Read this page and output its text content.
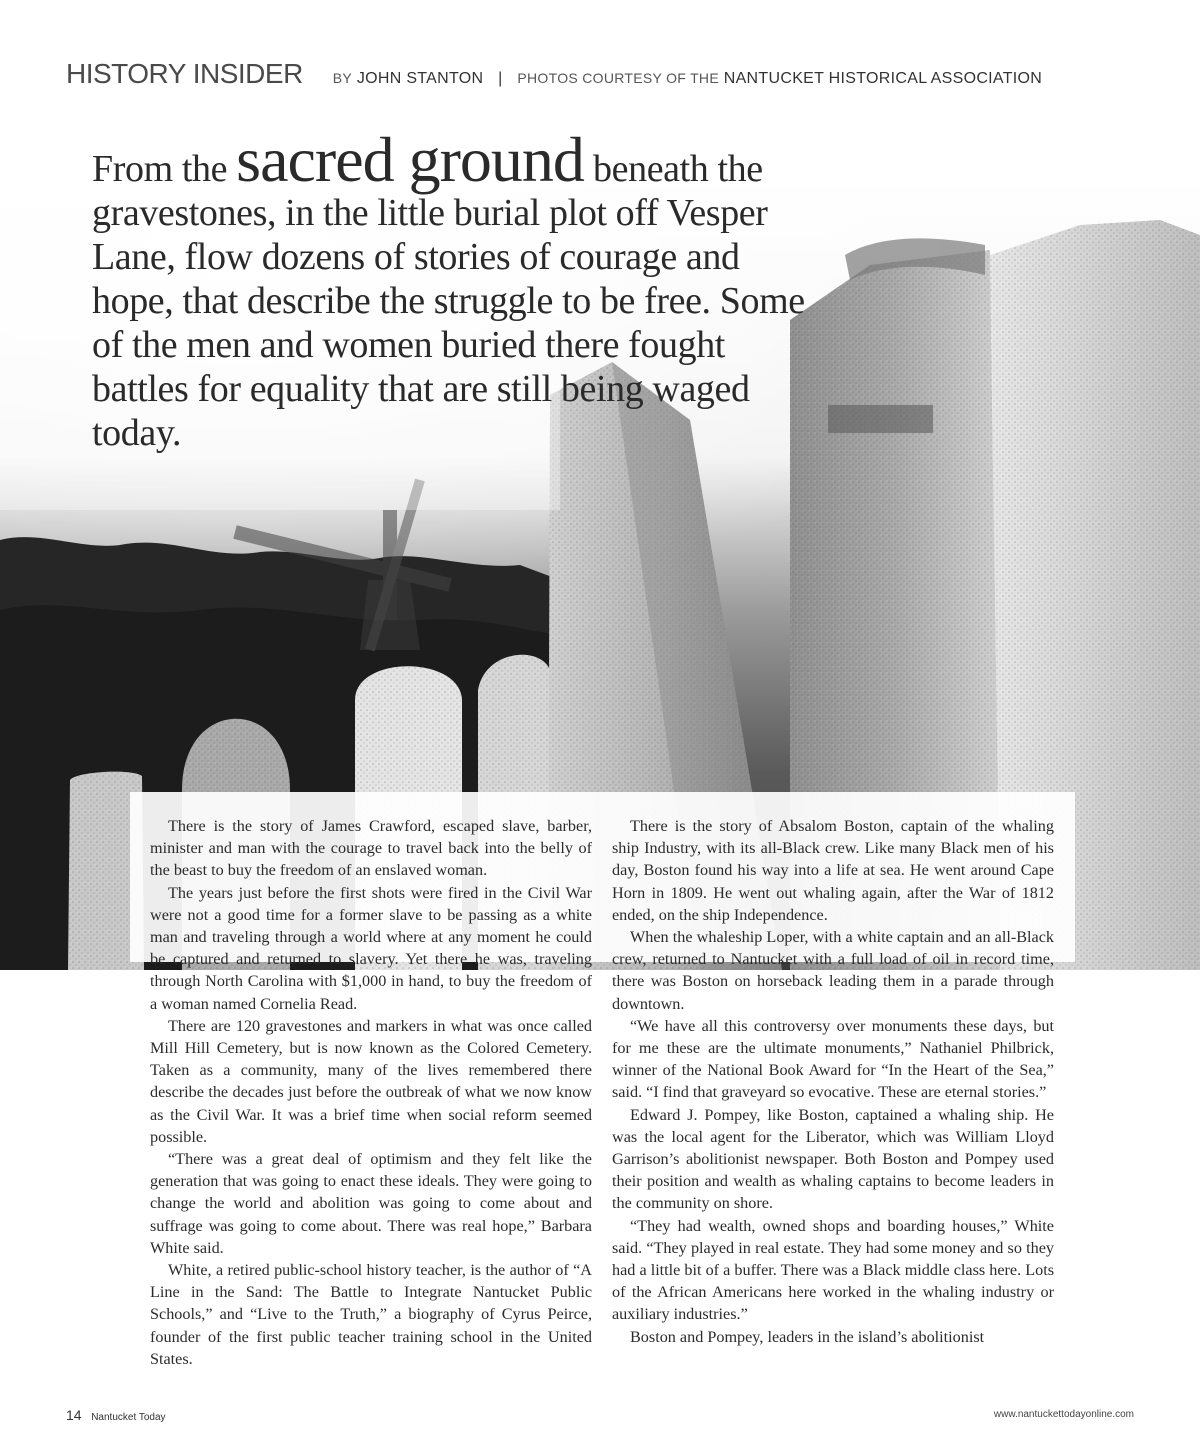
HISTORY INSIDER BY JOHN STANTON | PHOTOS COURTESY OF THE NANTUCKET HISTORICAL ASSOCIATION
From the sacred ground beneath the gravestones, in the little burial plot off Vesper Lane, flow dozens of stories of courage and hope, that describe the struggle to be free. Some of the men and women buried there fought battles for equality that are still being waged today.

There is the story of James Crawford, escaped slave, barber, minister and man with the courage to travel back into the belly of the beast to buy the freedom of an enslaved woman.

The years just before the first shots were fired in the Civil War were not a good time for a former slave to be passing as a white man and traveling through a world where at any moment he could be captured and returned to slavery. Yet there he was, traveling through North Carolina with $1,000 in hand, to buy the freedom of a woman named Cornelia Read.

There are 120 gravestones and markers in what was once called Mill Hill Cemetery, but is now known as the Colored Cemetery. Taken as a community, many of the lives remembered there describe the decades just before the outbreak of what we now know as the Civil War. It was a brief time when social reform seemed possible.

“There was a great deal of optimism and they felt like the generation that was going to enact these ideals. They were going to change the world and abolition was going to come about and suffrage was going to come about. There was real hope,” Barbara White said.

White, a retired public-school history teacher, is the author of “A Line in the Sand: The Battle to Integrate Nantucket Public Schools,” and “Live to the Truth,” a biography of Cyrus Peirce, founder of the first public teacher training school in the United States.

There is the story of Absalom Boston, captain of the whaling ship Industry, with its all-Black crew. Like many Black men of his day, Boston found his way into a life at sea. He went around Cape Horn in 1809. He went out whaling again, after the War of 1812 ended, on the ship Independence.

When the whaleship Loper, with a white captain and an all-Black crew, returned to Nantucket with a full load of oil in record time, there was Boston on horseback leading them in a parade through downtown.

“We have all this controversy over monuments these days, but for me these are the ultimate monuments,” Nathaniel Philbrick, winner of the National Book Award for “In the Heart of the Sea,” said. “I find that graveyard so evocative. These are eternal stories.”

Edward J. Pompey, like Boston, captained a whaling ship. He was the local agent for the Liberator, which was William Lloyd Garrison’s abolitionist newspaper. Both Boston and Pompey used their position and wealth as whaling captains to become leaders in the community on shore.

“They had wealth, owned shops and boarding houses,” White said. “They played in real estate. They had some money and so they had a little bit of a buffer. There was a Black middle class here. Lots of the African Americans here worked in the whaling industry or auxiliary industries.”

Boston and Pompey, leaders in the island’s abolitionist

14 Nantucket Today	www.nantuckettodayonline.com
